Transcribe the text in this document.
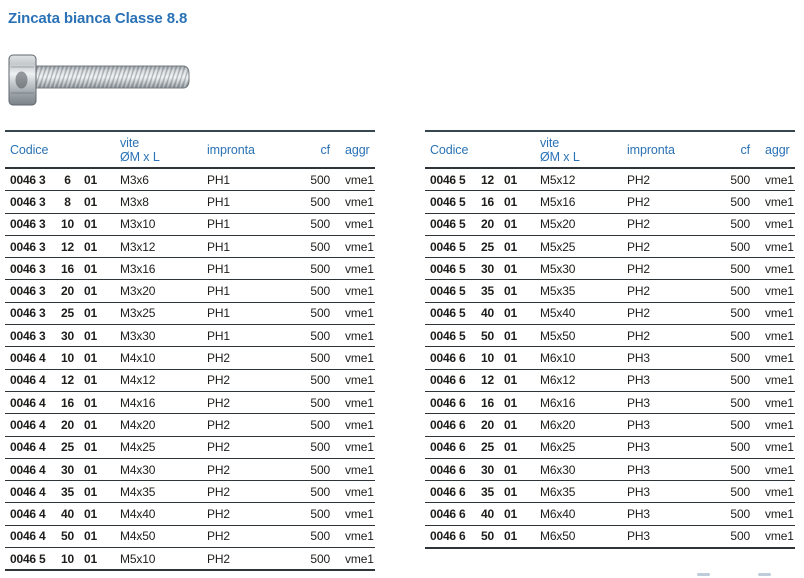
Zincata bianca Classe 8.8
Codice	vite
ØM x L	impronta	cf aggr
0046 3 6 01	M3x6	PH1	500 vme1
0046 3 8 01	M3x8	PH1	500 vme1
0046 3 10 01	M3x10	PH1	500 vme1
0046 3 12 01	M3x12	PH1	500 vme1
0046 3 16 01	M3x16	PH1	500 vme1
0046 3 20 01	M3x20	PH1	500 vme1
0046 3 25 01	M3x25	PH1	500 vme1
0046 3 30 01	M3x30	PH1	500 vme1
0046 4 10 01	M4x10	PH2	500 vme1
0046 4 12 01	M4x12	PH2	500 vme1
0046 4 16 01	M4x16	PH2	500 vme1
0046 4 20 01	M4x20	PH2	500 vme1
0046 4 25 01	M4x25	PH2	500 vme1
0046 4 30 01	M4x30	PH2	500 vme1
0046 4 35 01	M4x35	PH2	500 vme1
0046 4 40 01	M4x40	PH2	500 vme1
0046 4 50 01	M4x50	PH2	500 vme1
0046 5 10 01	M5x10	PH2	500 vme1
Codice	vite
ØM x L	impronta	cf aggr
0046 5 12 01	M5x12	PH2	500 vme1
0046 5 16 01	M5x16	PH2	500 vme1
0046 5 20 01	M5x20	PH2	500 vme1
0046 5 25 01	M5x25	PH2	500 vme1
0046 5 30 01	M5x30	PH2	500 vme1
0046 5 35 01	M5x35	PH2	500 vme1
0046 5 40 01	M5x40	PH2	500 vme1
0046 5 50 01	M5x50	PH2	500 vme1
0046 6 10 01	M6x10	PH3	500 vme1
0046 6 12 01	M6x12	PH3	500 vme1
0046 6 16 01	M6x16	PH3	500 vme1
0046 6 20 01	M6x20	PH3	500 vme1
0046 6 25 01	M6x25	PH3	500 vme1
0046 6 30 01	M6x30	PH3	500 vme1
0046 6 35 01	M6x35	PH3	500 vme1
0046 6 40 01	M6x40	PH3	500 vme1
0046 6 50 01	M6x50	PH3	500 vme1
